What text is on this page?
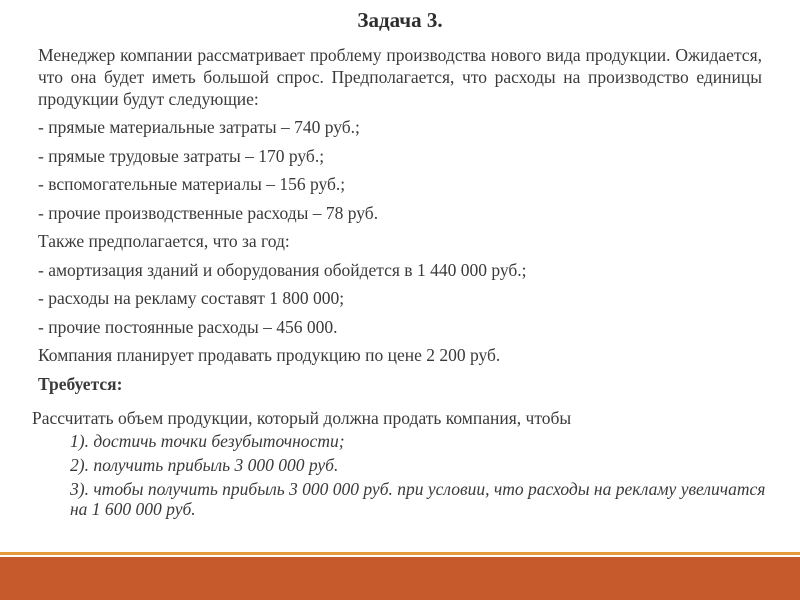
Задача 3.

Менеджер компании рассматривает проблему производства нового вида продукции. Ожидается, что она будет иметь большой спрос. Предполагается, что расходы на производство единицы продукции будут следующие:

- прямые материальные затраты – 740 руб.;
- прямые трудовые затраты – 170 руб.;
- вспомогательные материалы – 156 руб.;
- прочие производственные расходы – 78 руб.
Также предполагается, что за год:
- амортизация зданий и оборудования обойдется в 1 440 000 руб.;
- расходы на рекламу составят 1 800 000;
- прочие постоянные расходы – 456 000.
Компания планирует продавать продукцию по цене 2 200 руб.
Требуется:

Рассчитать объем продукции, который должна продать компания, чтобы

1). достичь точки безубыточности;
2). получить прибыль 3 000 000 руб.
3). чтобы получить прибыль 3 000 000 руб. при условии, что расходы на рекламу увеличатся на 1 600 000 руб.
